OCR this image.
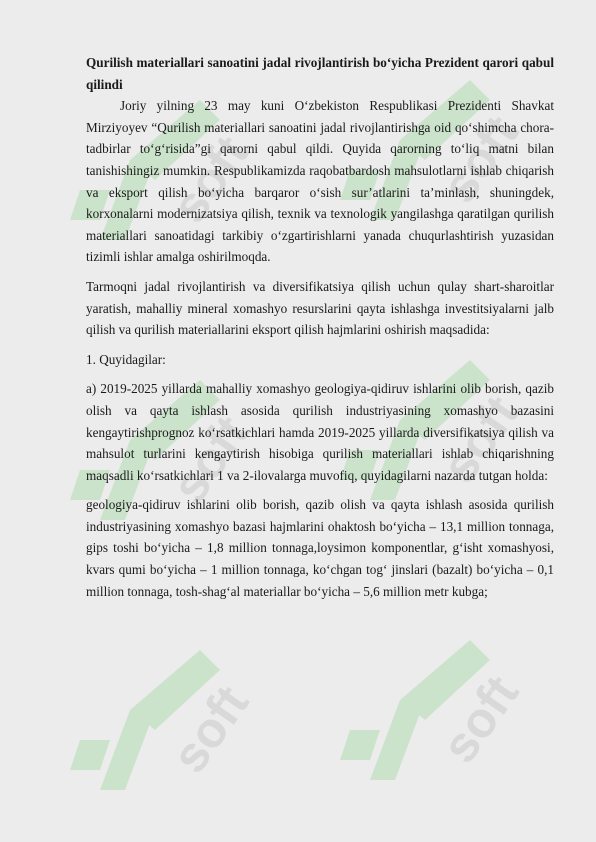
soft	soft
soft	soft
soft	soft

Qurilish materiallari sanoatini jadal rivojlantirish bo‘yicha Prezident qarori qabul qilindi

Joriy yilning 23 may kuni O‘zbekiston Respublikasi Prezidenti Shavkat Mirziyoyev “Qurilish materiallari sanoatini jadal rivojlantirishga oid qo‘shimcha chora-tadbirlar to‘g‘risida”gi qarorni qabul qildi. Quyida qarorning to‘liq matni bilan tanishishingiz mumkin. Respublikamizda raqobatbardosh mahsulotlarni ishlab chiqarish va eksport qilish bo‘yicha barqaror o‘sish sur’atlarini ta’minlash, shuningdek, korxonalarni modernizatsiya qilish, texnik va texnologik yangilashga qaratilgan qurilish materiallari sanoatidagi tarkibiy o‘zgartirishlarni yanada chuqurlashtirish yuzasidan tizimli ishlar amalga oshirilmoqda.

Tarmoqni jadal rivojlantirish va diversifikatsiya qilish uchun qulay shart-sharoitlar yaratish, mahalliy mineral xomashyo resurslarini qayta ishlashga investitsiyalarni jalb qilish va qurilish materiallarini eksport qilish hajmlarini oshirish maqsadida:

1. Quyidagilar:

a) 2019-2025 yillarda mahalliy xomashyo geologiya-qidiruv ishlarini olib borish, qazib olish va qayta ishlash asosida qurilish industriyasining xomashyo bazasini kengaytirishprognoz ko‘rsatkichlari hamda 2019-2025 yillarda diversifikatsiya qilish va mahsulot turlarini kengaytirish hisobiga qurilish materiallari ishlab chiqarishning maqsadli ko‘rsatkichlari 1 va 2-ilovalarga muvofiq, quyidagilarni nazarda tutgan holda:

geologiya-qidiruv ishlarini olib borish, qazib olish va qayta ishlash asosida qurilish industriyasining xomashyo bazasi hajmlarini ohaktosh bo‘yicha – 13,1 million tonnaga, gips toshi bo‘yicha – 1,8 million tonnaga,loysimon komponentlar, g‘isht xomashyosi, kvars qumi bo‘yicha – 1 million tonnaga, ko‘chgan tog‘ jinslari (bazalt) bo‘yicha – 0,1 million tonnaga, tosh-shag‘al materiallar bo‘yicha – 5,6 million metr kubga;
